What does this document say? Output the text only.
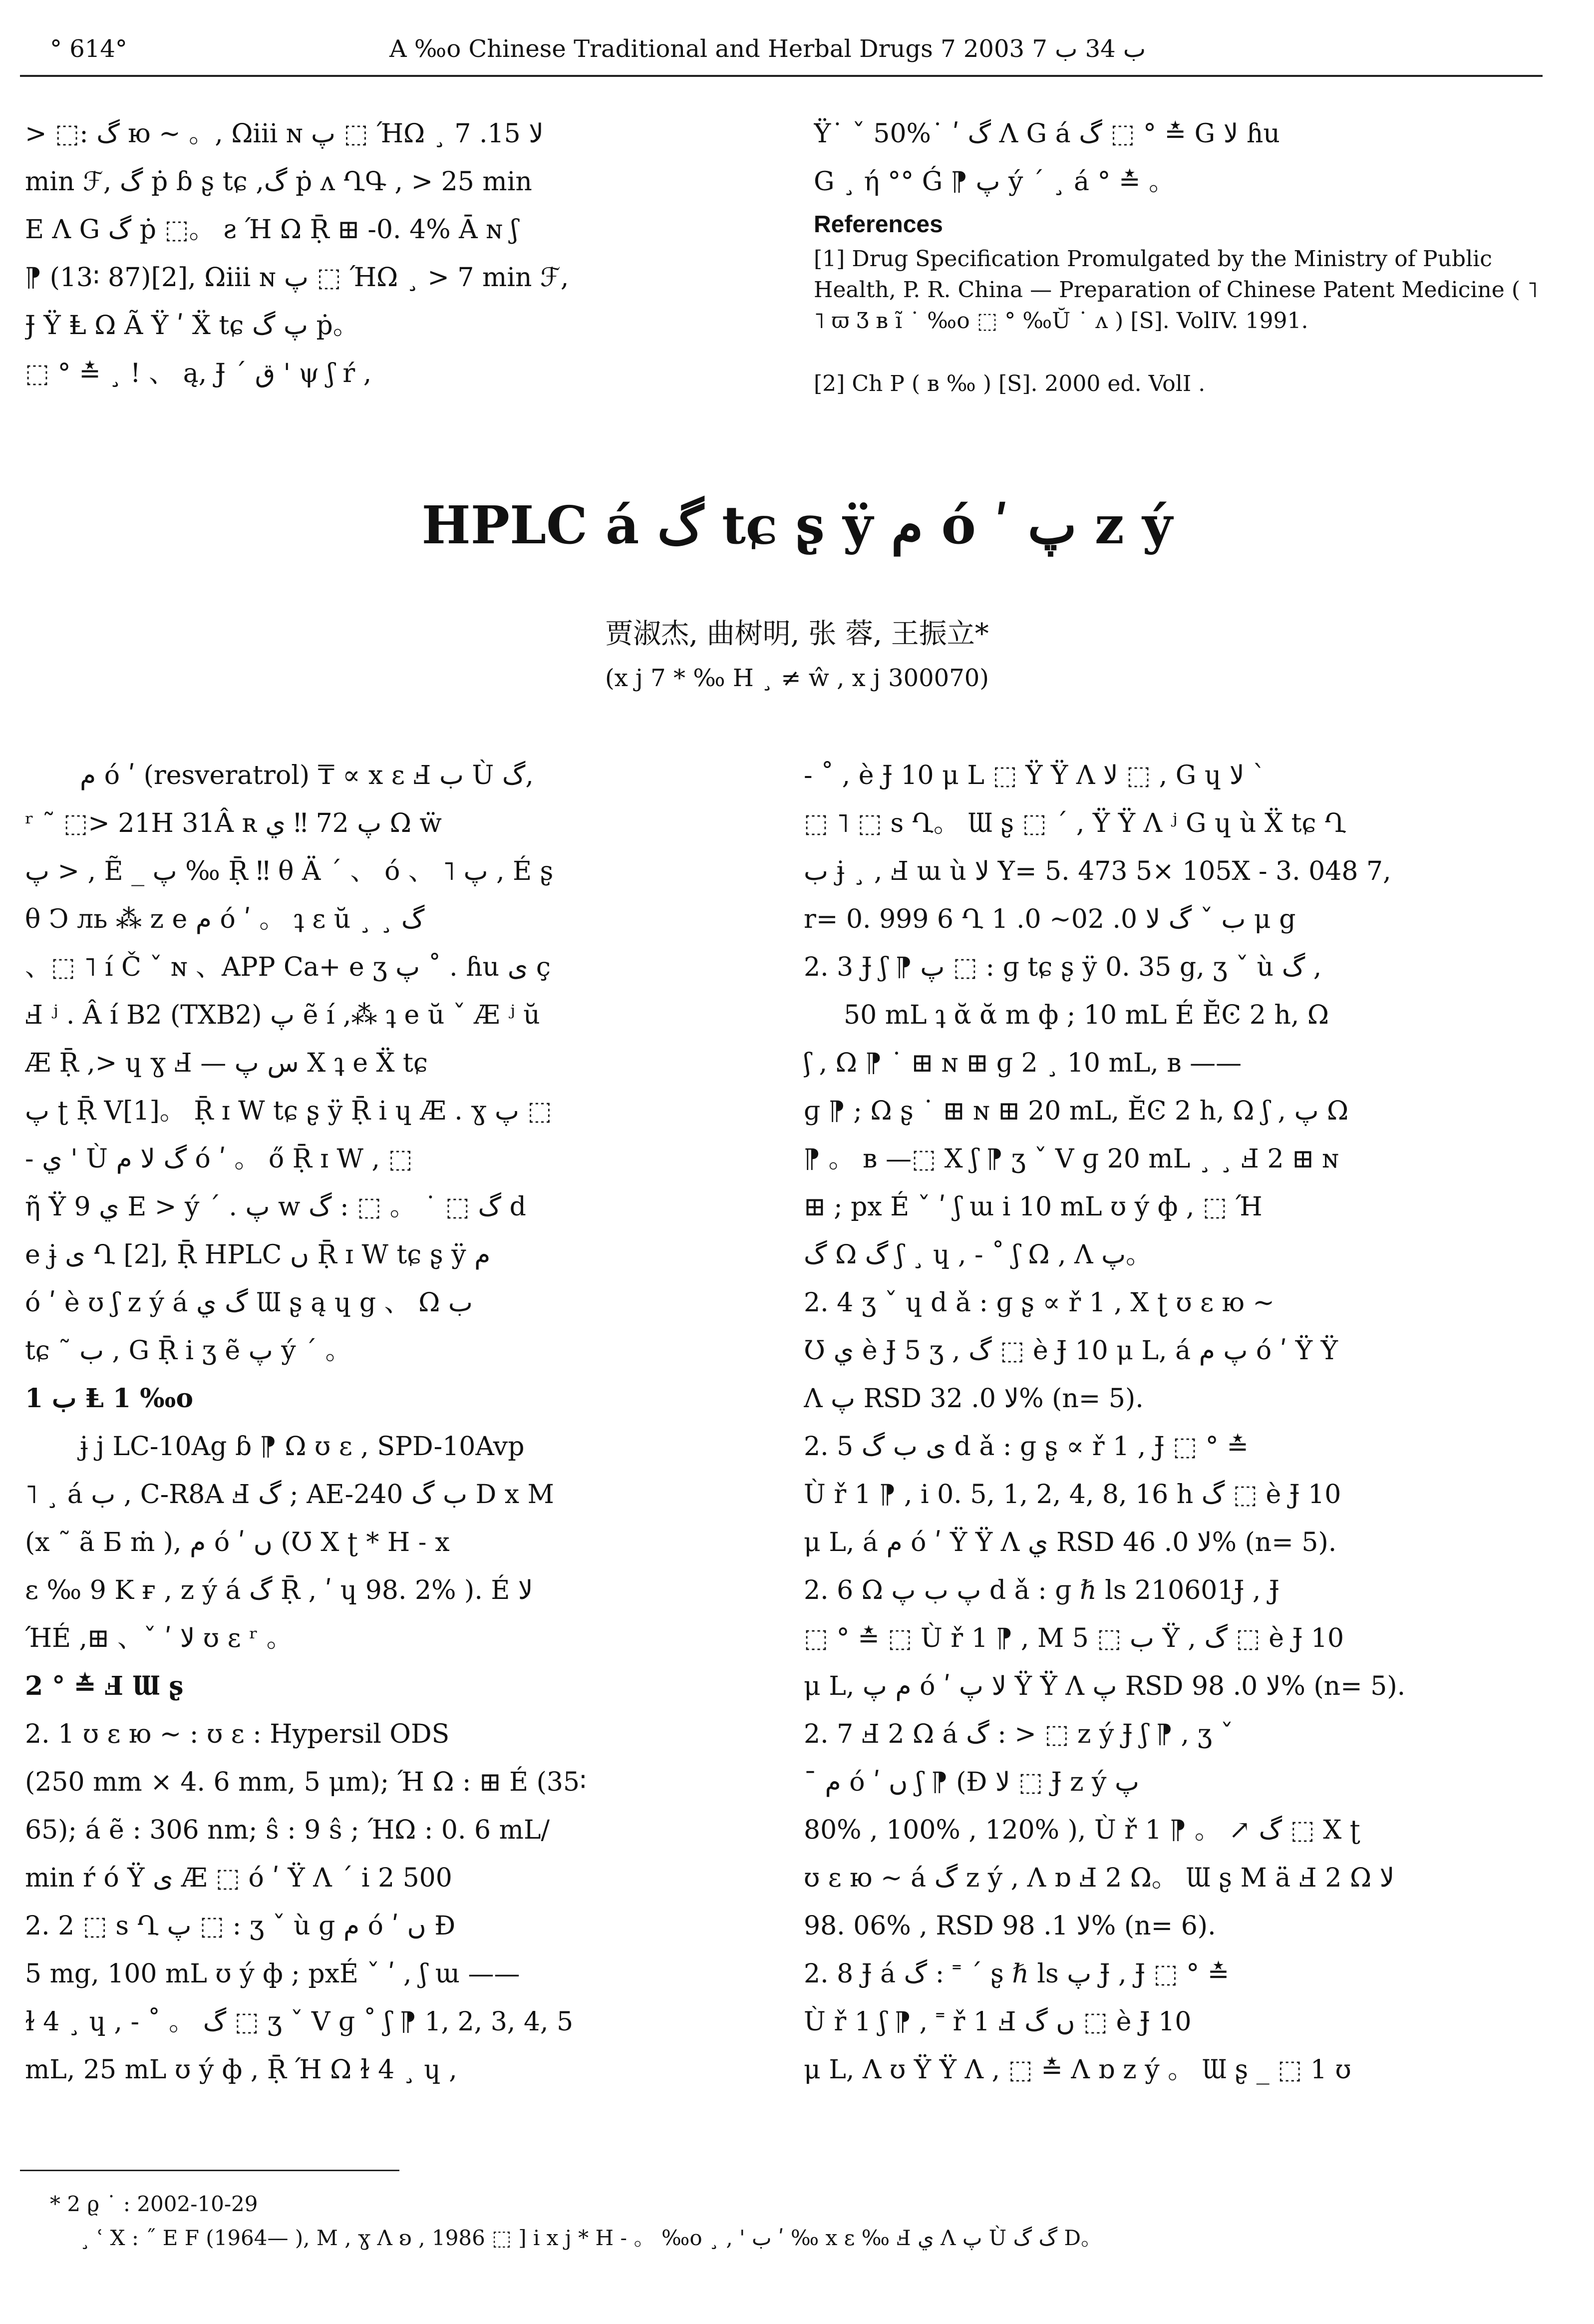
° 614°	A ‰o Chinese Traditional and Herbal Drugs ب 34 ب 7 2003 7

> ⬚: گ ю ~ 。, Ωiii ɴ پ ⬚ ΉΩ ¸ لا 15. 7

min ℱ, گ ṗ ɓ ʂ tɕ ,گ ṗ ʌ ՂԳ , > 25 min

E Λ G گ ṗ ⬚。 ƨ Ή Ω Ṝ ⊞ -0. 4% Ā ɴ ʃ

⁋ (13∶ 87)[2], Ωiii ɴ پ ⬚ ΉΩ ¸ > 7 min ℱ,

Ɉ Ÿ Ⱡ Ω Ã Ÿ ʹ Ẍ tɕ پ گ ṗ。

⬚ ° ≛ ¸ ! 、 ą, Ɉ ´ ق ' ψ ʃ ŕ ,

Ÿ˙ ˇ 50%˙ ʹ گ Λ G á گ ⬚ ° ≛ G لا ɦu

G ¸ ή °° Ǵ ⁋ پ ý ´ ¸ á ° ≛ 。

References

[1] Drug Specification Promulgated by the Ministry of Public Health, P. R. China — Preparation of Chinese Patent Medicine ( ˥ ˥ ϖ Ʒ ʙ ĩ ˙ ‰o ⬚ ° ‰Ŭ ˙ ʌ ) [S]. VolIV. 1991.

[2] Ch P ( ʙ ‰ ) [S]. 2000 ed. VolI .

HPLC á گ tɕ ʂ ÿ م ó ʹ پ z ý
贾淑杰, 曲树明, 张 蓉, 王振立*
(x j 7 * ‰ H ¸ ≠ ŵ , x j 300070)

م ó ʹ (resveratrol) ₸ ∝ x ɛ Ⅎ ب Ù گ,

ʳ ˜ ⬚> 21H 31Â ʀ پ 72 ‼ ي Ω ẅ

پ > , Ẽ _ پ ‰ Ṝ ‼ θ Ä ´ 、 ó 、 ˥ پ , É ʂ

θ Ͻ ль ⁂ z e م ó ʹ 。 ʇ ɛ ŭ ¸ ¸ گ

、⬚ ˥ í Č ˇ ɴ 、APP Ca+ e ʒ پ ˚ . ɦu ی ç

Ⅎ ʲ . Â í B2 (TXB2) پ ẽ í ,⁂ ʇ e ŭ ˇ Æ ʲ ŭ

Æ Ṝ ,> ɥ ɣ Ⅎ — س پ Χ ʇ e Ẍ tɕ

پ ʈ Ṝ V[1]。 Ṝ ɪ W tɕ ʂ ÿ Ṝ i ɥ Æ . ɣ پ ⬚

- ي ' Ù گ لا م ó ʹ 。 ő Ṝ ɪ W , ⬚

ῆ Ÿ 9 ي E > ý ´ . پ w گ ⬚ ˙ 。 ⬚ : گ d

e ɉ ی Ղ [2], Ṝ HPLC ں Ṝ ɪ W tɕ ʂ ÿ م

ó ʹ è ʊ ʃ z ý á گ ي Ɯ ʂ ą ɥ g 、 Ω ب

tɕ ˜ ب , G Ṝ i ʒ ẽ پ ý ´ 。

1 ب Ⱡ 1 ‰o

ɉ j LC-10Ag ɓ ⁋ Ω ʊ ɛ , SPD-10Avp

˥ ¸ á ب , C-R8A Ⅎ گ ; AE-240 ب گ D x M

(x ˜ ã Б ṁ ), م ó ʹ ں (Ʊ Χ ʈ * H ˗ x

ɛ ‰ 9 K ғ , z ý á گ Ṝ , ʹ ɥ 98. 2% ). É لا

ΉÉ ,⊞ 、ˇ ʹ لا ʊ ɛ ʳ 。

2 ° ≛ Ⅎ Ɯ ʂ

2. 1 ʊ ɛ ю ~ : ʊ ɛ : Hypersil ODS

(250 mm × 4. 6 mm, 5 μm); Ή Ω : ⊞ É (35∶

65); á ẽ : 306 nm; ŝ : 9 ŝ ; ΉΩ : 0. 6 mL/

min ŕ ó Ÿ ی Æ ⬚ ó ʹ Ÿ Λ ´ i 2 500

2. 2 ⬚ s Ղ پ ⬚ : ʒ ˇ ù ɡ م ó ʹ ں Ð

5 mg, 100 mL ʊ ý ф ; pxÉ ˇ ʹ , ʃ ɯ ——

ɫ 4 ¸ ɥ , - ˚ 。 گ ⬚ ʒ ˇ V ɡ ˚ ʃ ⁋ 1, 2, 3, 4, 5

mL, 25 mL ʊ ý ф , Ṝ Ή Ω ɫ 4 ¸ ɥ ,

- ˚ , è Ɉ 10 μ L ⬚ Ÿ Ÿ Λ لا ⬚ , G ɥ لا ˋ

⬚ ˥ ⬚ s Ղ。 Ɯ ʂ ⬚ ´ , Ÿ Ÿ Λ ʲ G ɥ ù Ẍ tɕ Ղ

ب ɉ ¸ , Ⅎ ɯ ù لا Y= 5. 473 5× 105X - 3. 048 7,

r= 0. 999 6 Ղ ب ˇ گ لا 0. 02~ 0. 1 μ g

2. 3 Ɉ ʃ ⁋ پ ⬚ : ɡ tɕ ʂ ÿ 0. 35 g, ʒ ˇ ù گ ,

50 mL ʇ ᾰ ᾰ m ф ; 10 mL É ӖϾ 2 h, Ω

ʃ , Ω ⁋ ˙ ⊞ ɴ ⊞ ɡ 2 ¸ 10 mL, ʙ ——

ɡ ⁋ ; Ω ʂ ˙ ⊞ ɴ ⊞ 20 mL, ӖϾ 2 h, Ω ʃ , پ Ω

⁋ 。 ʙ —⬚ X ʃ ⁋ ʒ ˇ V ɡ 20 mL ¸ ¸ Ⅎ 2 ⊞ ɴ

⊞ ; px É ˇ ʹ ʃ ɯ i 10 mL ʊ ý ф , ⬚ Ή

گ Ω گ ʃ ¸ ɥ , - ˚ ʃ Ω , Λ پ。

2. 4 ʒ ˇ ɥ d ǎ : ɡ ʂ ∝ ř 1 , Χ ʈ ʊ ɛ ю ~

Ʊ ي è Ɉ 5 ʒ , گ ⬚ è Ɉ 10 μ L, á پ م ó ʹ Ÿ Ÿ

Λ پ RSD لا 0. 32% (n= 5).

2. 5 ی ب گ d ǎ : ɡ ʂ ∝ ř 1 , Ɉ ⬚ ° ≛

Ù ř 1 ⁋ , i 0. 5, 1, 2, 4, 8, 16 h گ ⬚ è Ɉ 10

μ L, á م ó ʹ Ÿ Ÿ Λ ي RSD لا 0. 46% (n= 5).

2. 6 Ω پ ب پ d ǎ : ɡ ℏ ls 210601Ɉ , Ɉ

⬚ ° ≛ ⬚ Ù ř 1 ⁋ , M ب ⬚ 5 Ÿ , گ ⬚ è Ɉ 10

μ L, م پ ó ʹ لا پ Ÿ Ÿ Λ پ RSD لا 0. 98% (n= 5).

2. 7 Ⅎ 2 Ω á گ : > ⬚ z ý Ɉ ʃ ⁋ , ʒ ˇ

ˉ م ó ʹ ں ʃ ⁋ (Ð لا ⬚ Ɉ z ý پ

80% , 100% , 120% ), Ù ř 1 ⁋ 。 ↗ گ ⬚ Χ ʈ

ʊ ɛ ю ~ á گ z ý , Λ ɒ Ⅎ 2 Ω。 Ɯ ʂ M ä Ⅎ 2 Ω لا

98. 06% , RSD لا 1. 98% (n= 6).

2. 8 Ɉ á گ : ˭ ´ ʂ ℏ ls پ Ɉ , Ɉ ⬚ ° ≛

Ù ř 1 ʃ ⁋ , ˭ ř 1 Ⅎ ں گ ⬚ è Ɉ 10

μ L, Λ ʊ Ÿ Ÿ Λ , ⬚ ≛ Λ ɒ z ý 。 Ɯ ʂ _ ⬚ 1 ʊ

* 2 ϱ ˙ : 2002-10-29

¸ ʿ Χ : ˝ E F (1964— ), M , ɣ Λ ʚ , 1986 ⬚ ] i x j * H ˗ 。 ‰o ¸ , ' ب ʹ ‰ x ɛ ‰ Ⅎ ي Λ پ Ù گ گ D。
